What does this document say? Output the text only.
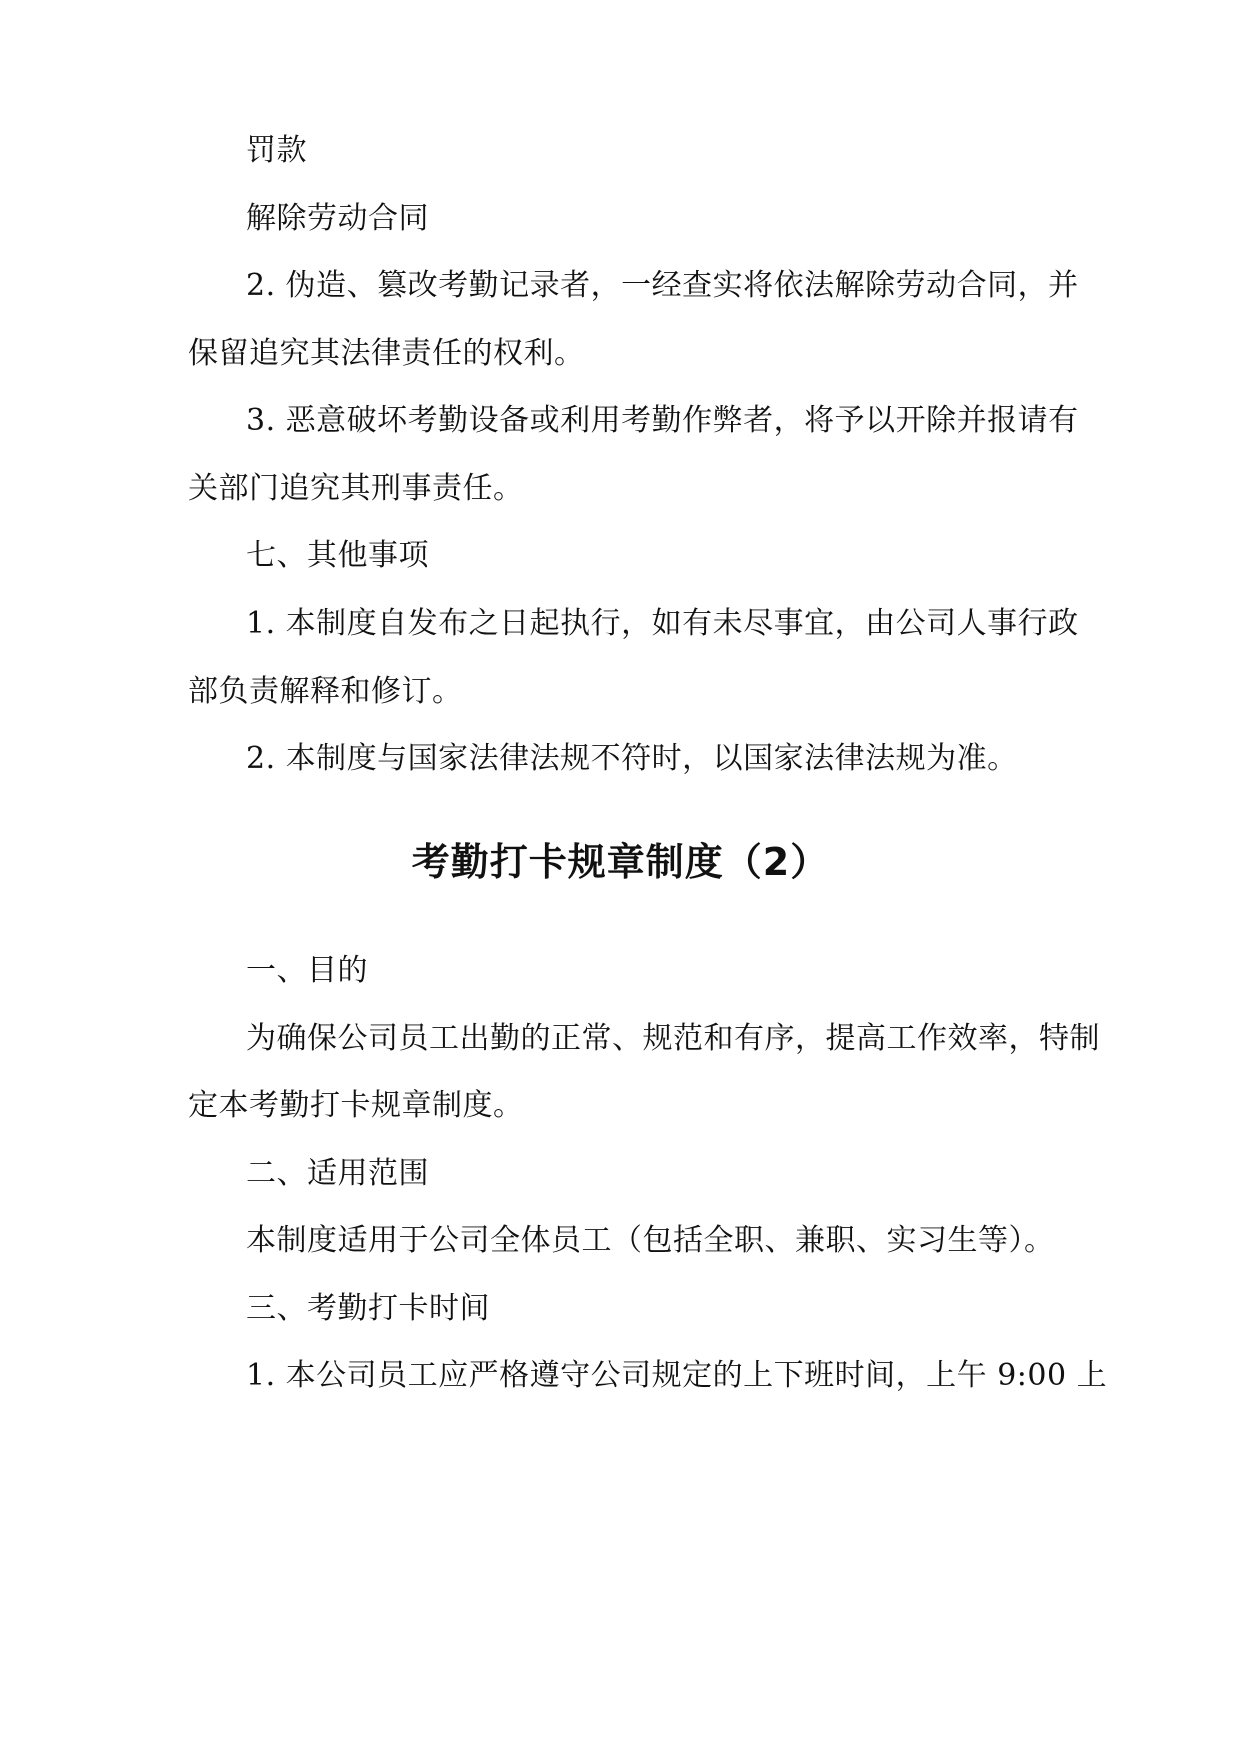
罚款
解除劳动合同
2. 伪造、篡改考勤记录者，一经查实将依法解除劳动合同，并
保留追究其法律责任的权利。
3. 恶意破坏考勤设备或利用考勤作弊者，将予以开除并报请有
关部门追究其刑事责任。
七、其他事项
1. 本制度自发布之日起执行，如有未尽事宜，由公司人事行政
部负责解释和修订。
2. 本制度与国家法律法规不符时，以国家法律法规为准。
考勤打卡规章制度（2）
一、目的
为确保公司员工出勤的正常、规范和有序，提高工作效率，特制
定本考勤打卡规章制度。
二、适用范围
本制度适用于公司全体员工（包括全职、兼职、实习生等）。
三、考勤打卡时间
1. 本公司员工应严格遵守公司规定的上下班时间，上午 9:00 上
